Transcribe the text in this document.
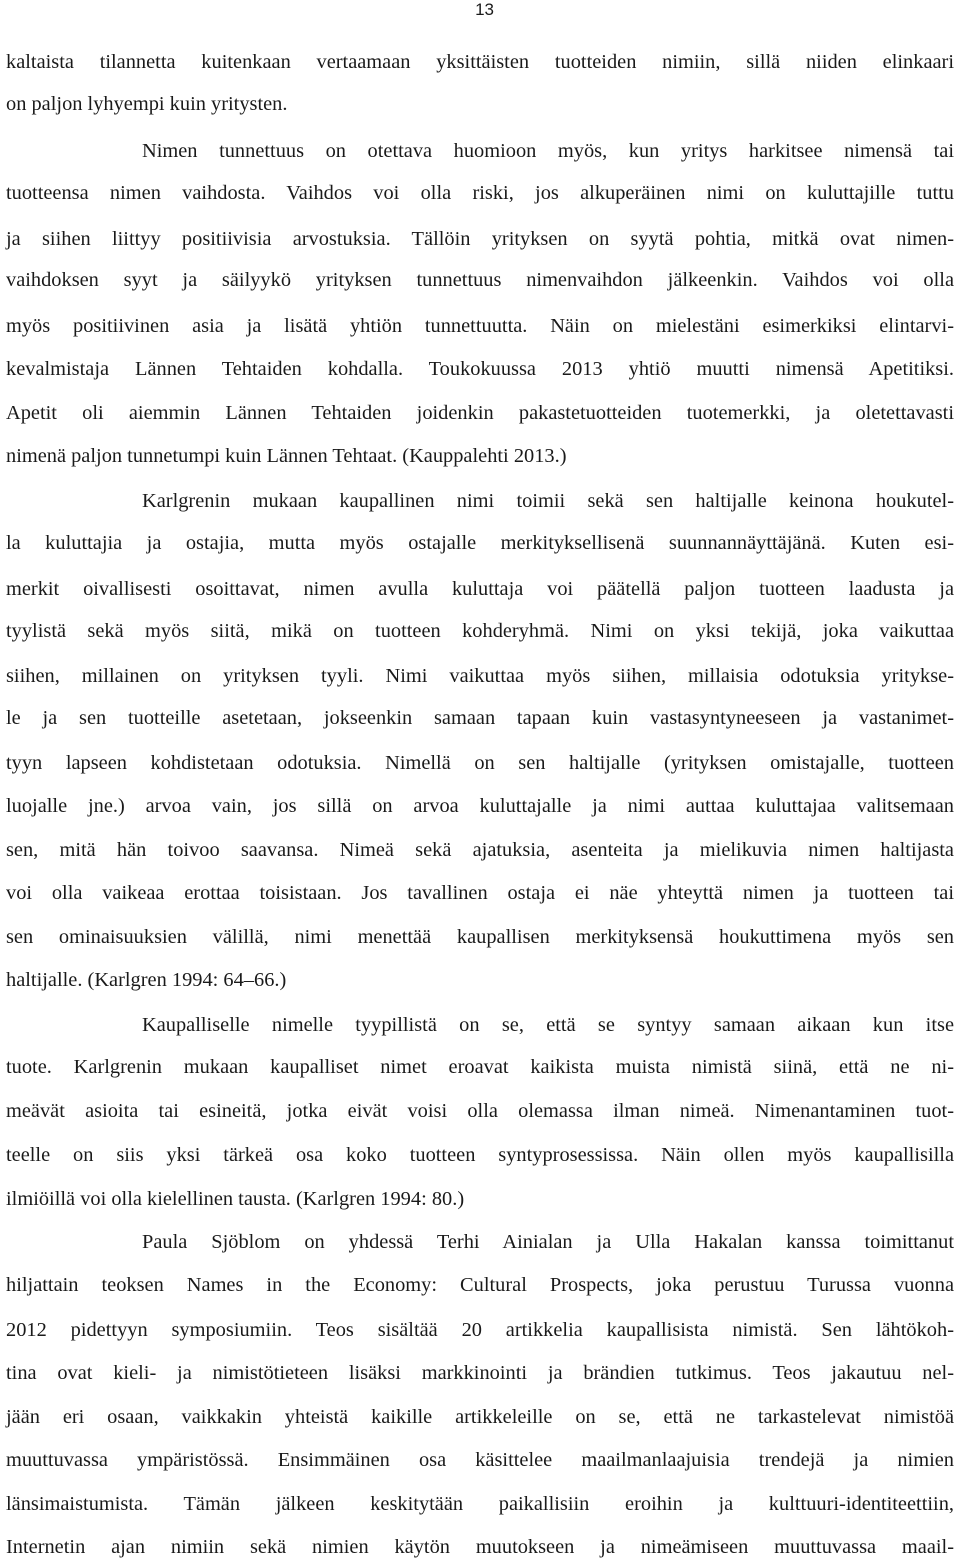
13
kaltaista tilannetta kuitenkaan vertaamaan yksittäisten tuotteiden nimiin, sillä niiden elinkaari
on paljon lyhyempi kuin yritysten.
Nimen tunnettuus on otettava huomioon myös, kun yritys harkitsee nimensä tai
tuotteensa nimen vaihdosta. Vaihdos voi olla riski, jos alkuperäinen nimi on kuluttajille tuttu
ja siihen liittyy positiivisia arvostuksia. Tällöin yrityksen on syytä pohtia, mitkä ovat nimen-
vaihdoksen syyt ja säilyykö yrityksen tunnettuus nimenvaihdon jälkeenkin. Vaihdos voi olla
myös positiivinen asia ja lisätä yhtiön tunnettuutta. Näin on mielestäni esimerkiksi elintarvi-
kevalmistaja Lännen Tehtaiden kohdalla. Toukokuussa 2013 yhtiö muutti nimensä Apetitiksi.
Apetit oli aiemmin Lännen Tehtaiden joidenkin pakastetuotteiden tuotemerkki, ja oletettavasti
nimenä paljon tunnetumpi kuin Lännen Tehtaat. (Kauppalehti 2013.)
Karlgrenin mukaan kaupallinen nimi toimii sekä sen haltijalle keinona houkutel-
la kuluttajia ja ostajia, mutta myös ostajalle merkityksellisenä suunnannäyttäjänä. Kuten esi-
merkit oivallisesti osoittavat, nimen avulla kuluttaja voi päätellä paljon tuotteen laadusta ja
tyylistä sekä myös siitä, mikä on tuotteen kohderyhmä. Nimi on yksi tekijä, joka vaikuttaa
siihen, millainen on yrityksen tyyli. Nimi vaikuttaa myös siihen, millaisia odotuksia yritykse-
le ja sen tuotteille asetetaan, jokseenkin samaan tapaan kuin vastasyntyneeseen ja vastanimet-
tyyn lapseen kohdistetaan odotuksia. Nimellä on sen haltijalle (yrityksen omistajalle, tuotteen
luojalle jne.) arvoa vain, jos sillä on arvoa kuluttajalle ja nimi auttaa kuluttajaa valitsemaan
sen, mitä hän toivoo saavansa. Nimeä sekä ajatuksia, asenteita ja mielikuvia nimen haltijasta
voi olla vaikeaa erottaa toisistaan. Jos tavallinen ostaja ei näe yhteyttä nimen ja tuotteen tai
sen ominaisuuksien välillä, nimi menettää kaupallisen merkityksensä houkuttimena myös sen
haltijalle. (Karlgren 1994: 64–66.)
Kaupalliselle nimelle tyypillistä on se, että se syntyy samaan aikaan kun itse
tuote. Karlgrenin mukaan kaupalliset nimet eroavat kaikista muista nimistä siinä, että ne ni-
meävät asioita tai esineitä, jotka eivät voisi olla olemassa ilman nimeä. Nimenantaminen tuot-
teelle on siis yksi tärkeä osa koko tuotteen syntyprosessissa. Näin ollen myös kaupallisilla
ilmiöillä voi olla kielellinen tausta. (Karlgren 1994: 80.)
Paula Sjöblom on yhdessä Terhi Ainialan ja Ulla Hakalan kanssa toimittanut
hiljattain teoksen Names in the Economy: Cultural Prospects, joka perustuu Turussa vuonna
2012 pidettyyn symposiumiin. Teos sisältää 20 artikkelia kaupallisista nimistä. Sen lähtökoh-
tina ovat kieli- ja nimistötieteen lisäksi markkinointi ja brändien tutkimus. Teos jakautuu nel-
jään eri osaan, vaikkakin yhteistä kaikille artikkeleille on se, että ne tarkastelevat nimistöä
muuttuvassa ympäristössä. Ensimmäinen osa käsittelee maailmanlaajuisia trendejä ja nimien
länsimaistumista. Tämän jälkeen keskitytään paikallisiin eroihin ja kulttuuri-identiteettiin,
Internetin ajan nimiin sekä nimien käytön muutokseen ja nimeämiseen muuttuvassa maail-
